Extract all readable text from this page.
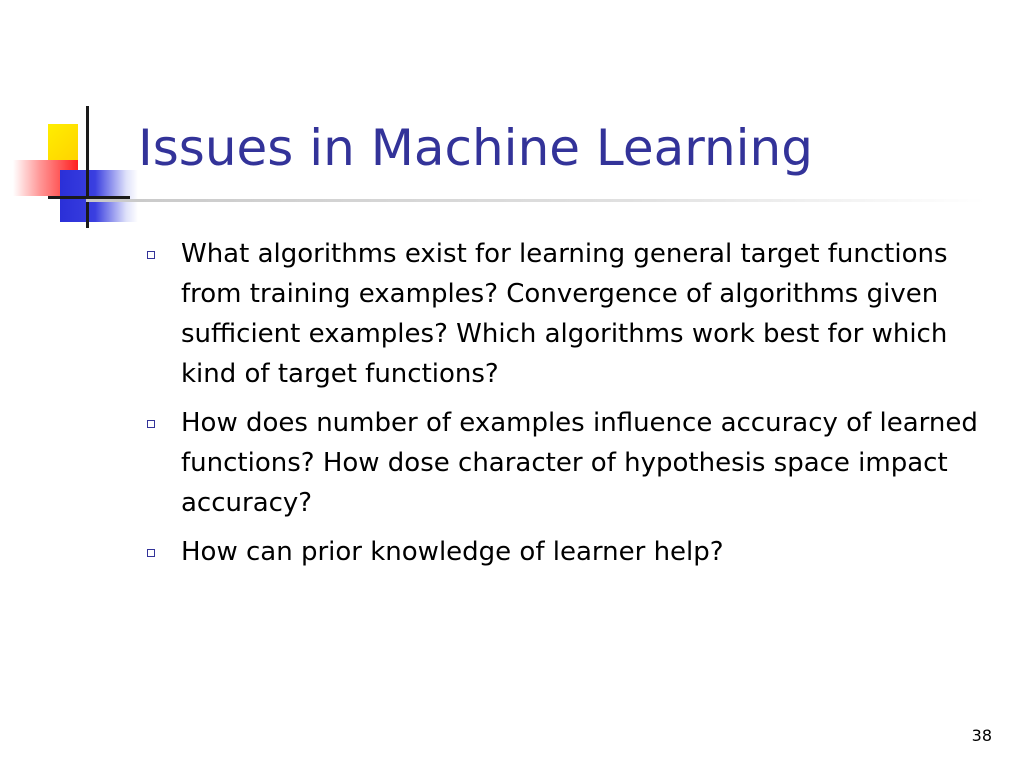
Issues in Machine Learning
What algorithms exist for learning general target functions from training examples? Convergence of algorithms given sufficient examples? Which algorithms work best for which kind of target functions?
How does number of examples influence accuracy of learned functions? How dose character of hypothesis space impact accuracy?
How can prior knowledge of learner help?
38
